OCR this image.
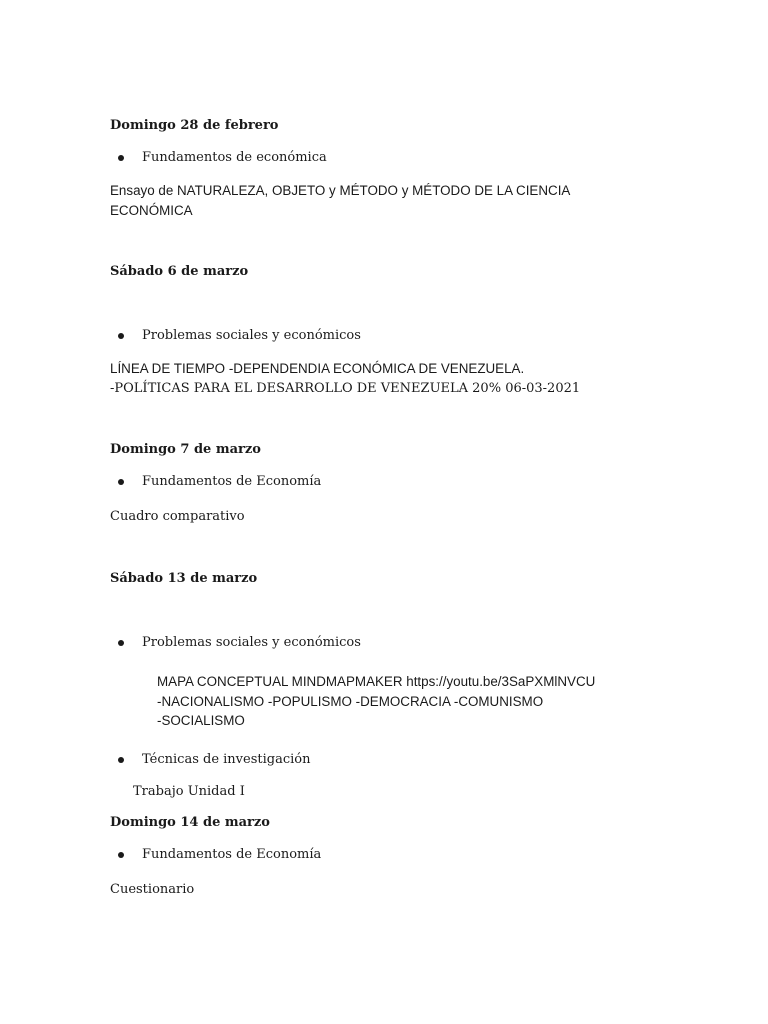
Domingo 28 de febrero
Fundamentos de económica
Ensayo de NATURALEZA, OBJETO y MÉTODO y MÉTODO DE LA CIENCIA
ECONÓMICA
Sábado 6 de marzo
Problemas sociales y económicos
LÍNEA DE TIEMPO -DEPENDENDIA ECONÓMICA DE VENEZUELA.
-POLÍTICAS PARA EL DESARROLLO DE VENEZUELA 20% 06-03-2021
Domingo 7 de marzo
Fundamentos de Economía
Cuadro comparativo
Sábado 13 de marzo
Problemas sociales y económicos
MAPA CONCEPTUAL MINDMAPMAKER https://youtu.be/3SaPXMlNVCU
-NACIONALISMO -POPULISMO -DEMOCRACIA -COMUNISMO
-SOCIALISMO
Técnicas de investigación
Trabajo Unidad I
Domingo 14 de marzo
Fundamentos de Economía
Cuestionario
